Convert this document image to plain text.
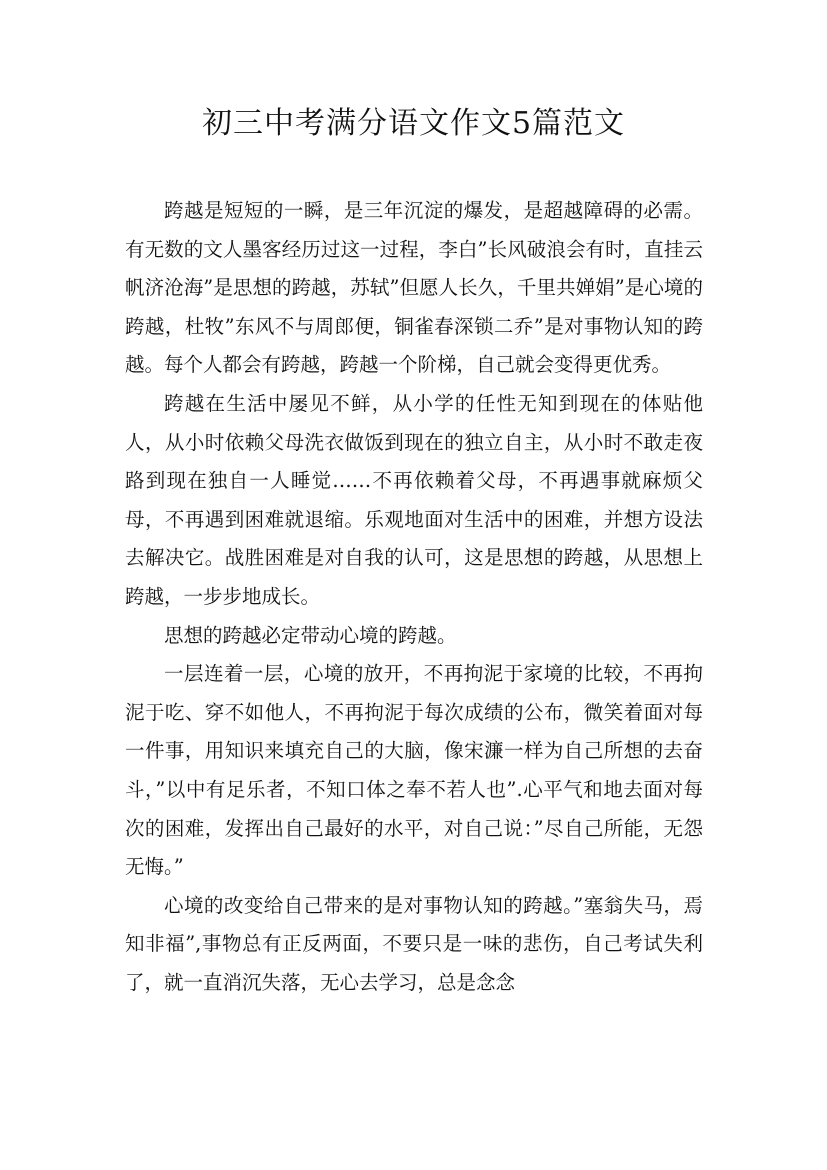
初三中考满分语文作文5篇范文

跨越是短短的一瞬，是三年沉淀的爆发，是超越障碍的必需。有无数的文人墨客经历过这一过程，李白”长风破浪会有时，直挂云帆济沧海”是思想的跨越，苏轼”但愿人长久，千里共婵娟”是心境的跨越，杜牧”东风不与周郎便，铜雀春深锁二乔”是对事物认知的跨越。每个人都会有跨越，跨越一个阶梯，自己就会变得更优秀。

跨越在生活中屡见不鲜，从小学的任性无知到现在的体贴他人，从小时依赖父母洗衣做饭到现在的独立自主，从小时不敢走夜路到现在独自一人睡觉……不再依赖着父母，不再遇事就麻烦父母，不再遇到困难就退缩。乐观地面对生活中的困难，并想方设法去解决它。战胜困难是对自我的认可，这是思想的跨越，从思想上跨越，一步步地成长。

思想的跨越必定带动心境的跨越。

一层连着一层，心境的放开，不再拘泥于家境的比较，不再拘泥于吃、穿不如他人，不再拘泥于每次成绩的公布，微笑着面对每一件事，用知识来填充自己的大脑，像宋濂一样为自己所想的去奋斗，”以中有足乐者，不知口体之奉不若人也”.心平气和地去面对每次的困难，发挥出自己最好的水平，对自己说：”尽自己所能，无怨无悔。”

心境的改变给自己带来的是对事物认知的跨越。”塞翁失马，焉知非福”,事物总有正反两面，不要只是一味的悲伤，自己考试失利了，就一直消沉失落，无心去学习，总是念念
